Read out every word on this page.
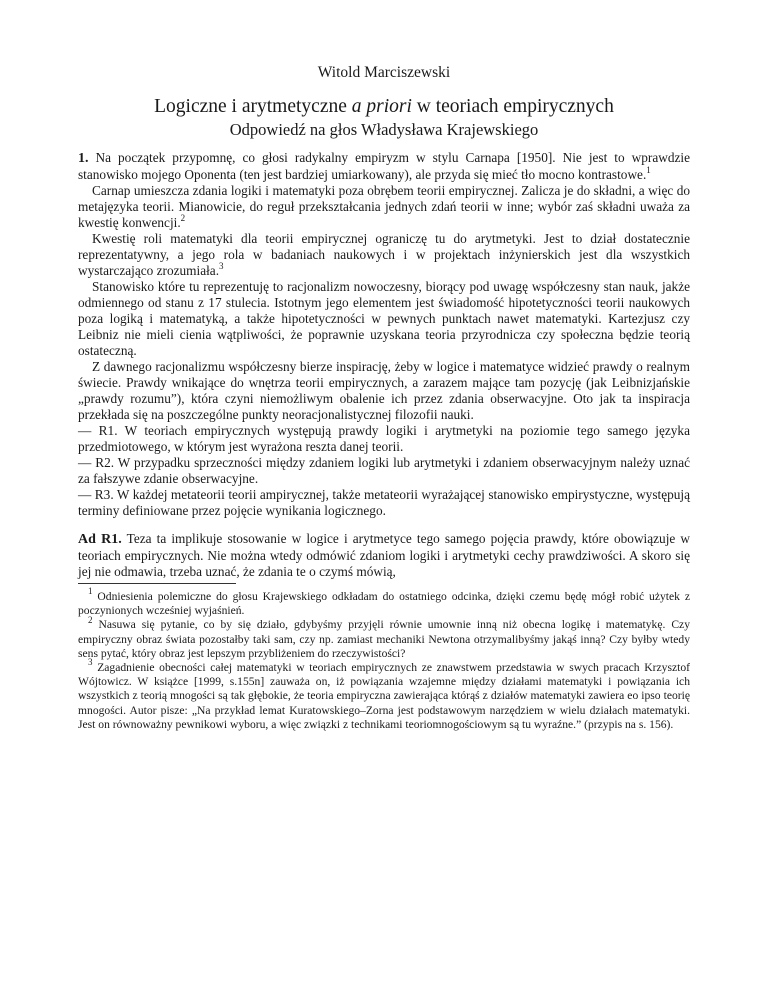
Witold Marciszewski
Logiczne i arytmetyczne a priori w teoriach empirycznych
Odpowiedź na głos Władysława Krajewskiego

1. Na początek przypomnę, co głosi radykalny empiryzm w stylu Carnapa [1950]. Nie jest to wprawdzie stanowisko mojego Oponenta (ten jest bardziej umiarkowany), ale przyda się mieć tło mocno kontrastowe.$^1$

Carnap umieszcza zdania logiki i matematyki poza obrębem teorii empirycznej. Zalicza je do składni, a więc do metajęzyka teorii. Mianowicie, do reguł przekształcania jednych zdań teorii w inne; wybór zaś składni uważa za kwestię konwencji.$^2$

Kwestię roli matematyki dla teorii empirycznej ograniczę tu do arytmetyki. Jest to dział dostatecznie reprezentatywny, a jego rola w badaniach naukowych i w projektach inżynierskich jest dla wszystkich wystarczająco zrozumiała.$^3$

Stanowisko które tu reprezentuję to racjonalizm nowoczesny, biorący pod uwagę współczesny stan nauk, jakże odmiennego od stanu z 17 stulecia. Istotnym jego elementem jest świadomość hipotetyczności teorii naukowych poza logiką i matematyką, a także hipotetyczności w pewnych punktach nawet matematyki. Kartezjusz czy Leibniz nie mieli cienia wątpliwości, że poprawnie uzyskana teoria przyrodnicza czy społeczna będzie teorią ostateczną.

Z dawnego racjonalizmu współczesny bierze inspirację, żeby w logice i matematyce widzieć prawdy o realnym świecie. Prawdy wnikające do wnętrza teorii empirycznych, a zarazem mające tam pozycję (jak Leibnizjańskie „prawdy rozumu”), która czyni niemożliwym obalenie ich przez zdania obserwacyjne. Oto jak ta inspiracja przekłada się na poszczególne punkty neoracjonalistycznej filozofii nauki.

— R1. W teoriach empirycznych występują prawdy logiki i arytmetyki na poziomie tego samego języka przedmiotowego, w którym jest wyrażona reszta danej teorii.

— R2. W przypadku sprzeczności między zdaniem logiki lub arytmetyki i zdaniem obserwacyjnym należy uznać za fałszywe zdanie obserwacyjne.

— R3. W każdej metateorii teorii ampirycznej, także metateorii wyrażającej stanowisko empirystyczne, występują terminy definiowane przez pojęcie wynikania logicznego.

Ad R1. Teza ta implikuje stosowanie w logice i arytmetyce tego samego pojęcia prawdy, które obowiązuje w teoriach empirycznych. Nie można wtedy odmówić zdaniom logiki i arytmetyki cechy prawdziwości. A skoro się jej nie odmawia, trzeba uznać, że zdania te o czymś mówią,

$^1$ Odniesienia polemiczne do głosu Krajewskiego odkładam do ostatniego odcinka, dzięki czemu będę mógł robić użytek z poczynionych wcześniej wyjaśnień.

$^2$ Nasuwa się pytanie, co by się działo, gdybyśmy przyjęli równie umownie inną niż obecna logikę i matematykę. Czy empiryczny obraz świata pozostałby taki sam, czy np. zamiast mechaniki Newtona otrzymalibyśmy jakąś inną? Czy byłby wtedy sens pytać, który obraz jest lepszym przybliżeniem do rzeczywistości?

$^3$ Zagadnienie obecności całej matematyki w teoriach empirycznych ze znawstwem przedstawia w swych pracach Krzysztof Wójtowicz. W książce [1999, s.155n] zauważa on, iż powiązania wzajemne między działami matematyki i powiązania ich wszystkich z teorią mnogości są tak głębokie, że teoria empiryczna zawierająca którąś z działów matematyki zawiera eo ipso teorię mnogości. Autor pisze: „Na przykład lemat Kuratowskiego–Zorna jest podstawowym narzędziem w wielu działach matematyki. Jest on równoważny pewnikowi wyboru, a więc związki z technikami teoriomnogościowym są tu wyraźne.” (przypis na s. 156).
